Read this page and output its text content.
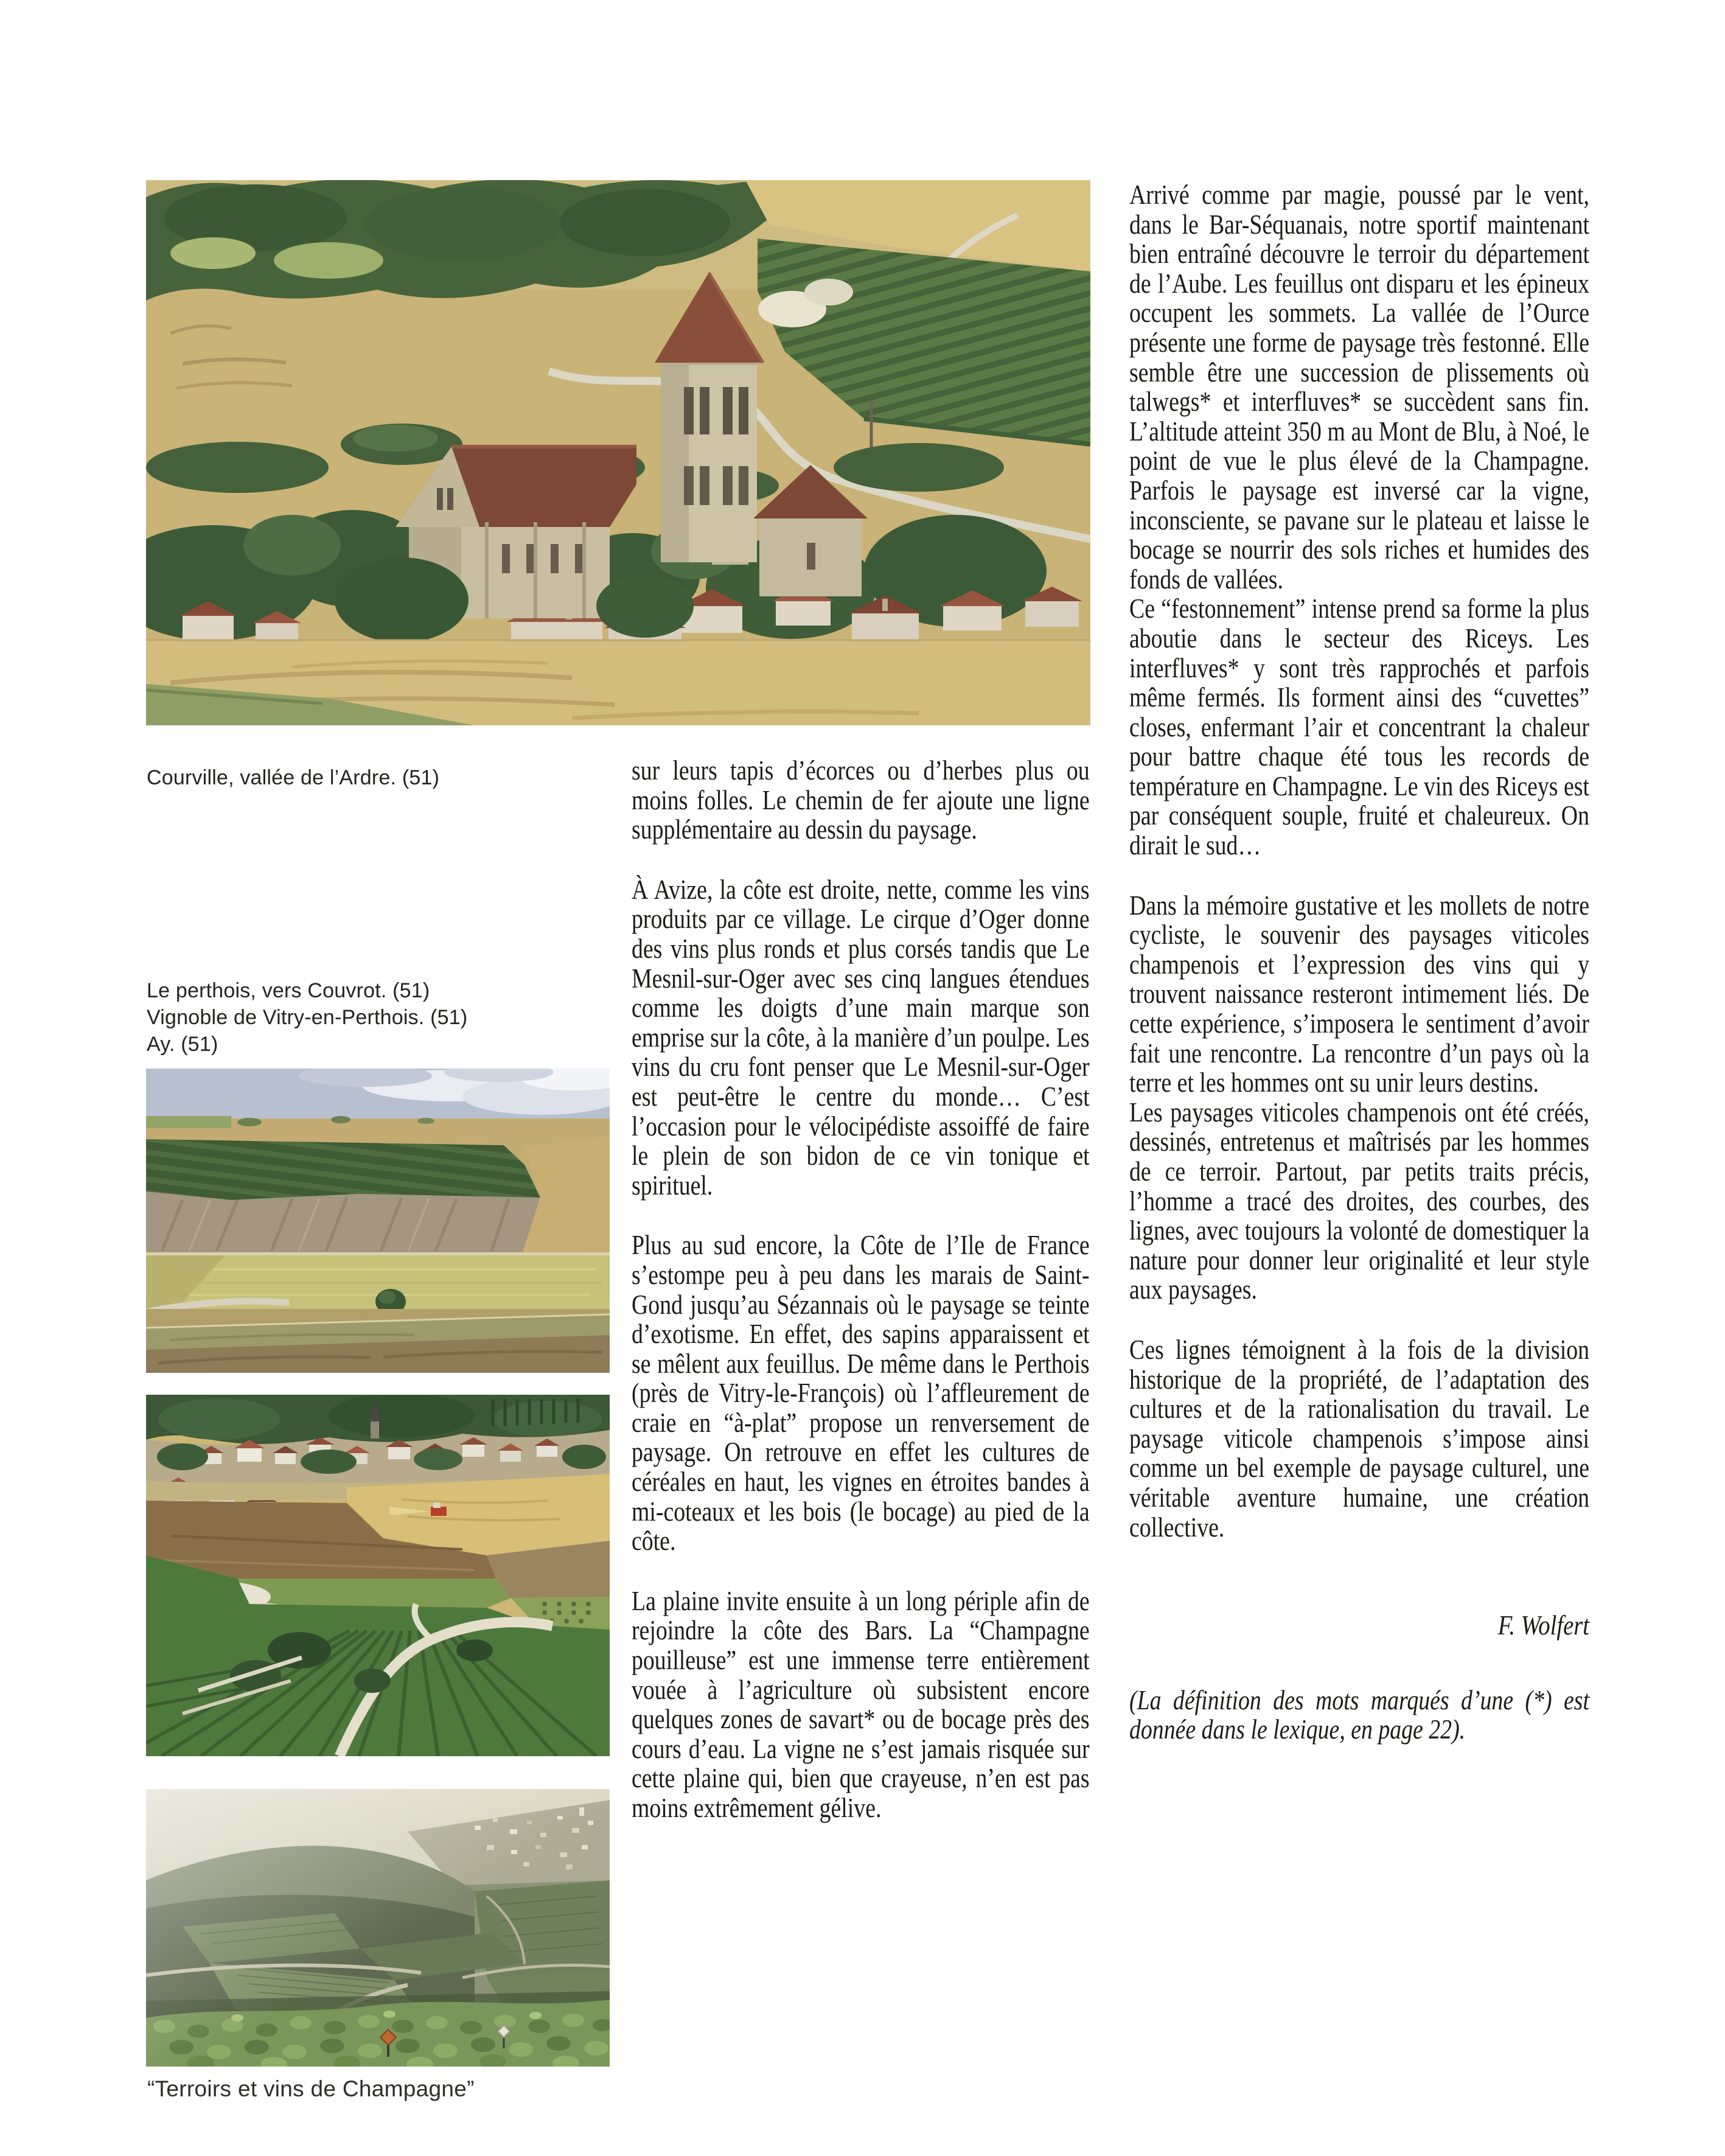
Courville, vallée de l’Ardre. (51)
Le perthois, vers Couvrot. (51)
Vignoble de Vitry-en-Perthois. (51)
Ay. (51)

sur leurs tapis d’écorces ou d’herbes plus ou moins folles. Le chemin de fer ajoute une ligne supplémentaire au dessin du paysage.

À Avize, la côte est droite, nette, comme les vins produits par ce village. Le cirque d’Oger donne des vins plus ronds et plus corsés tandis que Le Mesnil-sur-Oger avec ses cinq langues étendues comme les doigts d’une main marque son emprise sur la côte, à la manière d’un poulpe. Les vins du cru font penser que Le Mesnil-sur-Oger est peut-être le centre du monde… C’est l’occasion pour le vélocipédiste assoiffé de faire le plein de son bidon de ce vin tonique et spirituel.

Plus au sud encore, la Côte de l’Ile de France s’estompe peu à peu dans les marais de Saint-Gond jusqu’au Sézannais où le paysage se teinte d’exotisme. En effet, des sapins apparaissent et se mêlent aux feuillus. De même dans le Perthois (près de Vitry-le-François) où l’affleurement de craie en “à-plat” propose un renversement de paysage. On retrouve en effet les cultures de céréales en haut, les vignes en étroites bandes à mi-coteaux et les bois (le bocage) au pied de la côte.

La plaine invite ensuite à un long périple afin de rejoindre la côte des Bars. La “Champagne pouilleuse” est une immense terre entièrement vouée à l’agriculture où subsistent encore quelques zones de savart* ou de bocage près des cours d’eau. La vigne ne s’est jamais risquée sur cette plaine qui, bien que crayeuse, n’en est pas moins extrêmement gélive.

Arrivé comme par magie, poussé par le vent, dans le Bar-Séquanais, notre sportif maintenant bien entraîné découvre le terroir du département de l’Aube. Les feuillus ont disparu et les épineux occupent les sommets. La vallée de l’Ource présente une forme de paysage très festonné. Elle semble être une succession de plissements où talwegs* et interfluves* se succèdent sans fin. L’altitude atteint 350 m au Mont de Blu, à Noé, le point de vue le plus élevé de la Champagne. Parfois le paysage est inversé car la vigne, inconsciente, se pavane sur le plateau et laisse le bocage se nourrir des sols riches et humides des fonds de vallées.

Ce “festonnement” intense prend sa forme la plus aboutie dans le secteur des Riceys. Les interfluves* y sont très rapprochés et parfois même fermés. Ils forment ainsi des “cuvettes” closes, enfermant l’air et concentrant la chaleur pour battre chaque été tous les records de température en Champagne. Le vin des Riceys est par conséquent souple, fruité et chaleureux. On dirait le sud…

Dans la mémoire gustative et les mollets de notre cycliste, le souvenir des paysages viticoles champenois et l’expression des vins qui y trouvent naissance resteront intimement liés. De cette expérience, s’imposera le sentiment d’avoir fait une rencontre. La rencontre d’un pays où la terre et les hommes ont su unir leurs destins.

Les paysages viticoles champenois ont été créés, dessinés, entretenus et maîtrisés par les hommes de ce terroir. Partout, par petits traits précis, l’homme a tracé des droites, des courbes, des lignes, avec toujours la volonté de domestiquer la nature pour donner leur originalité et leur style aux paysages.

Ces lignes témoignent à la fois de la division historique de la propriété, de l’adaptation des cultures et de la rationalisation du travail. Le paysage viticole champenois s’impose ainsi comme un bel exemple de paysage culturel, une véritable aventure humaine, une création collective.

F. Wolfert
(La définition des mots marqués d’une (*) est donnée dans le lexique, en page 22).
“Terroirs et vins de Champagne”
